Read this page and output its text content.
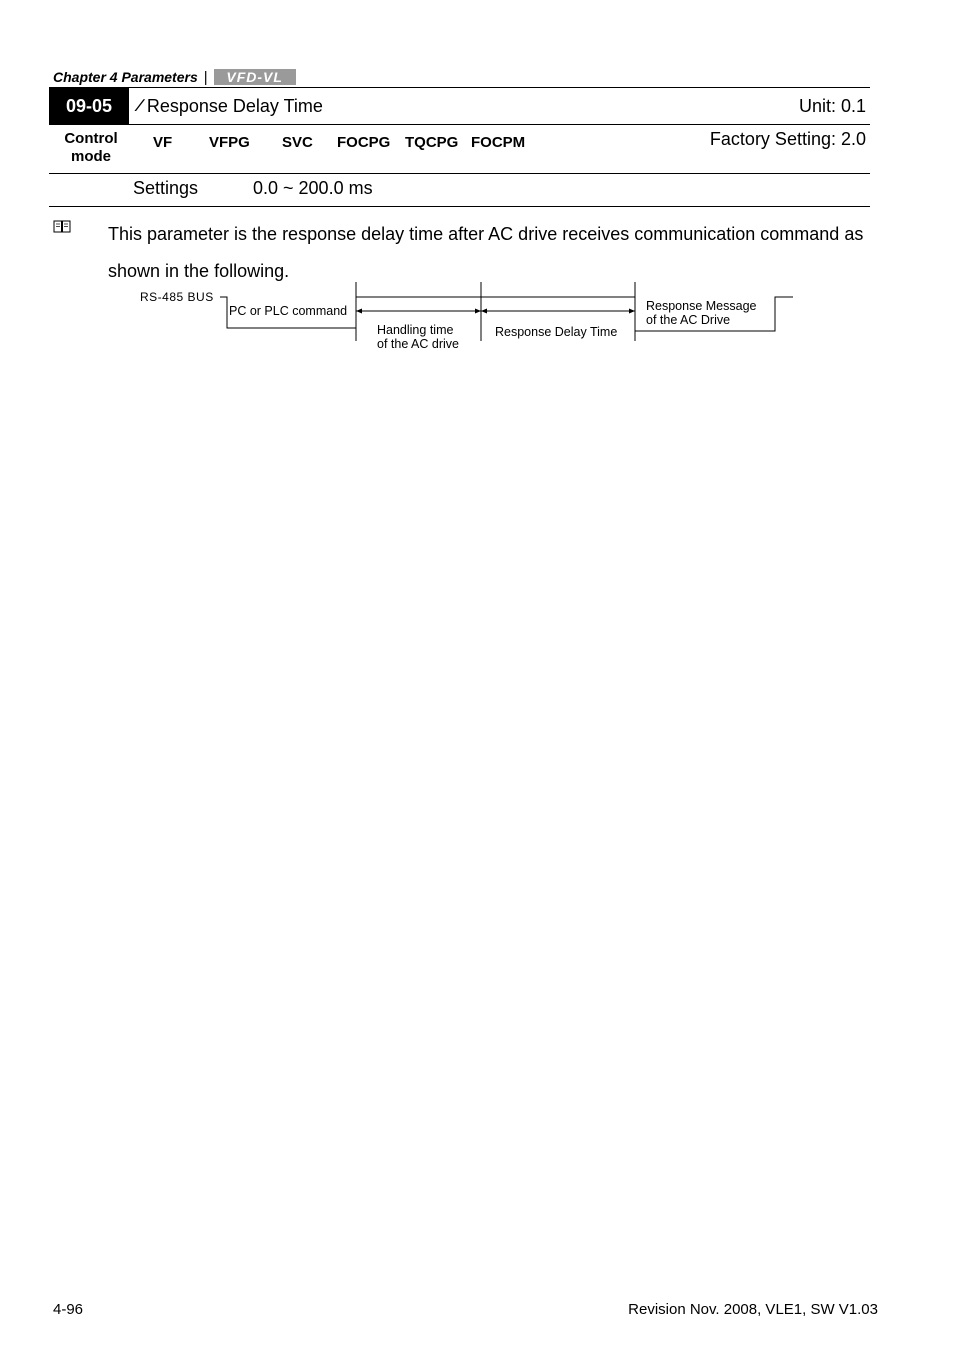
Chapter 4 Parameters |	VFD-VL
09-05	∕ Response Delay Time	Unit: 0.1
Control
mode
VF VFPG SVC FOCPG TQCPG FOCPM	Factory Setting: 2.0
Settings	0.0 ~ 200.0 ms
This parameter is the response delay time after AC drive receives communication command as shown in the following.
RS-485 BUS
PC or PLC command
Handling time
of the AC drive
Response Delay Time
Response Message
of the AC Drive
4-96	Revision Nov. 2008, VLE1, SW V1.03
